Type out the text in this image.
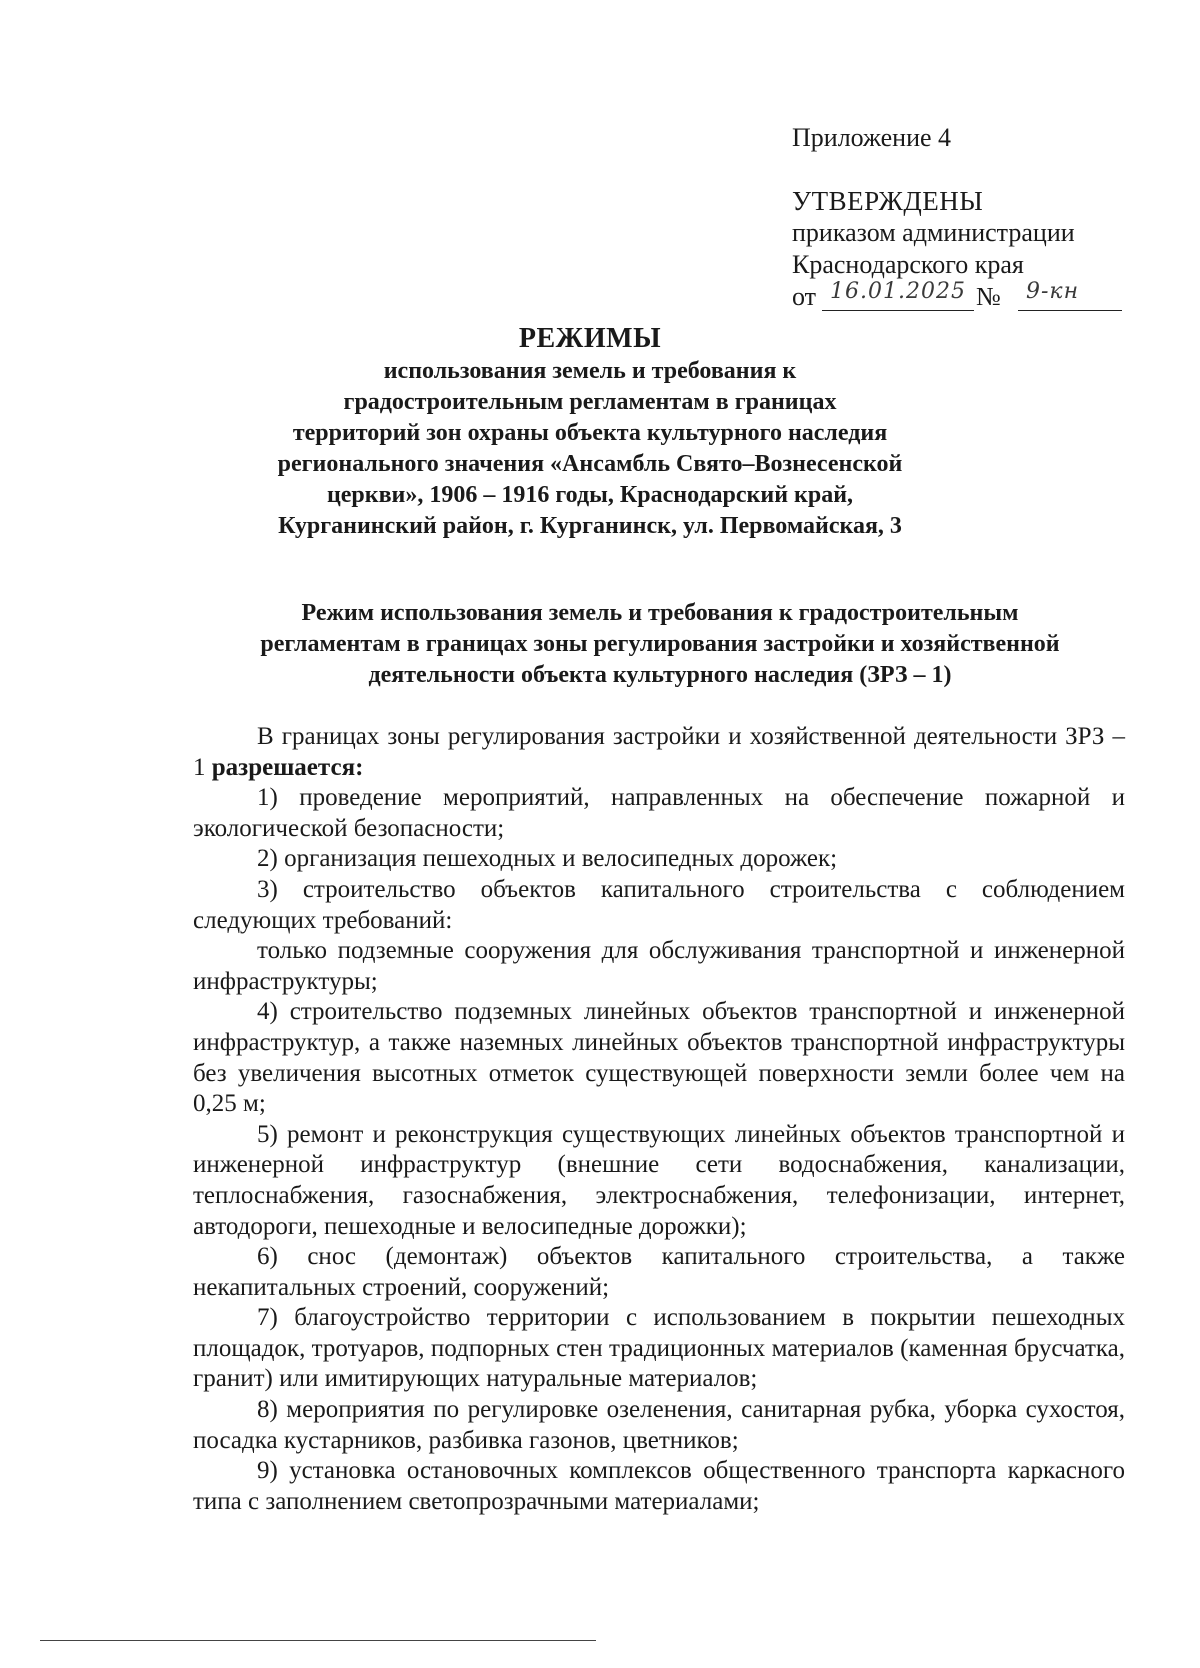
Приложение 4
УТВЕРЖДЕНЫ
приказом администрации
Краснодарского края
от 16.01.2025 № 9-кн
РЕЖИМЫ
использования земель и требования к
градостроительным регламентам в границах
территорий зон охраны объекта культурного наследия
регионального значения «Ансамбль Свято–Вознесенской
церкви», 1906 – 1916 годы, Краснодарский край,
Курганинский район, г. Курганинск, ул. Первомайская, 3
Режим использования земель и требования к градостроительным
регламентам в границах зоны регулирования застройки и хозяйственной
деятельности объекта культурного наследия (ЗРЗ – 1)

В границах зоны регулирования застройки и хозяйственной деятельности ЗРЗ – 1 разрешается:

1) проведение мероприятий, направленных на обеспечение пожарной и экологической безопасности;

2) организация пешеходных и велосипедных дорожек;

3) строительство объектов капитального строительства с соблюдением следующих требований:

только подземные сооружения для обслуживания транспортной и инженерной инфраструктуры;

4) строительство подземных линейных объектов транспортной и инженерной инфраструктур, а также наземных линейных объектов транспортной инфраструктуры без увеличения высотных отметок существующей поверхности земли более чем на 0,25 м;

5) ремонт и реконструкция существующих линейных объектов транспортной и инженерной инфраструктур (внешние сети водоснабжения, канализации, теплоснабжения, газоснабжения, электроснабжения, телефонизации, интернет, автодороги, пешеходные и велосипедные дорожки);

6) снос (демонтаж) объектов капитального строительства, а также некапитальных строений, сооружений;

7) благоустройство территории с использованием в покрытии пешеходных площадок, тротуаров, подпорных стен традиционных материалов (каменная брусчатка, гранит) или имитирующих натуральные материалов;

8) мероприятия по регулировке озеленения, санитарная рубка, уборка сухостоя, посадка кустарников, разбивка газонов, цветников;

9) установка остановочных комплексов общественного транспорта каркасного типа с заполнением светопрозрачными материалами;
